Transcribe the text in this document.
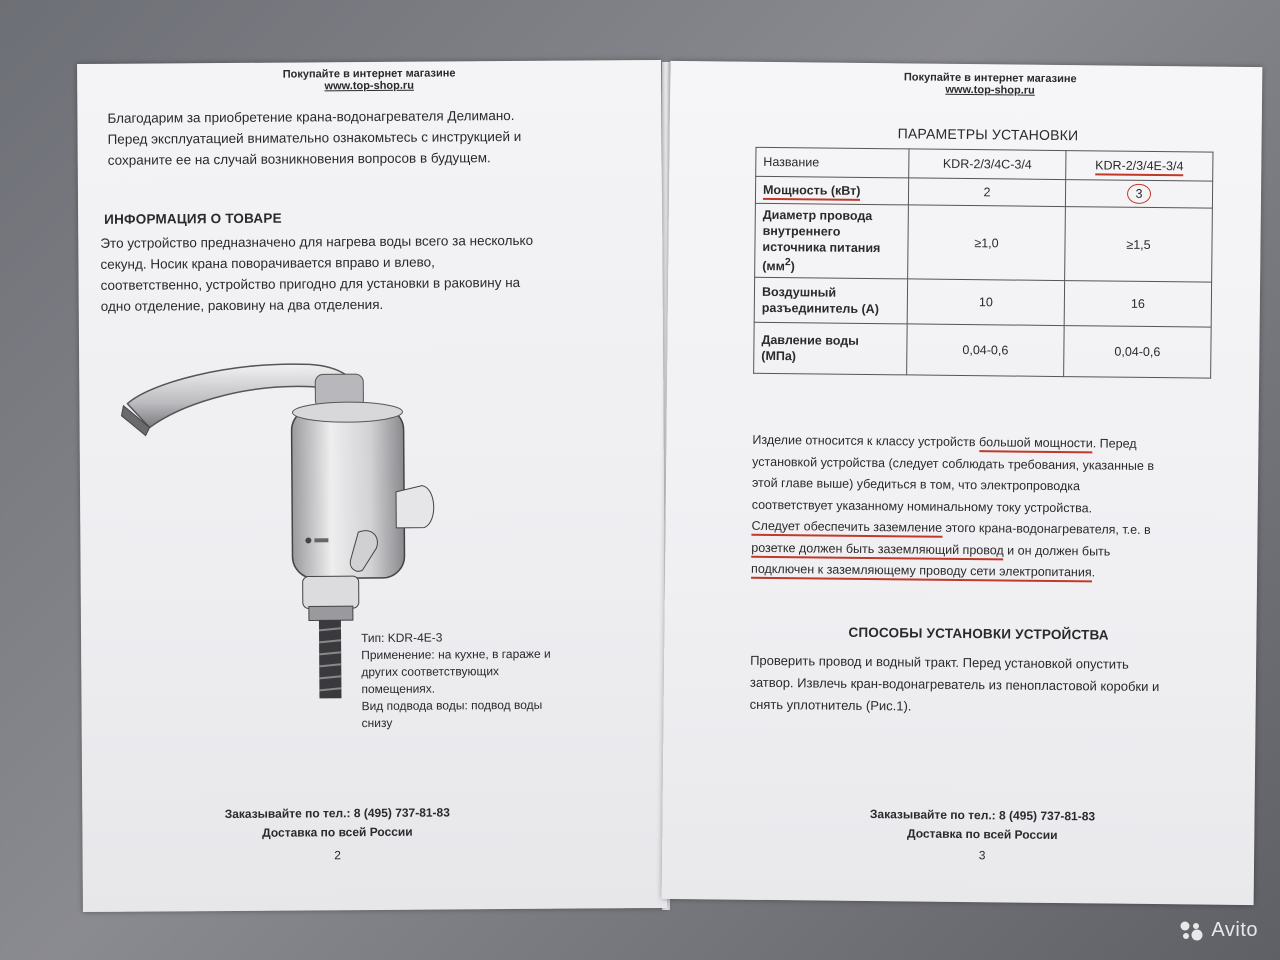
Покупайте в интернет магазине
www.top-shop.ru
Благодарим за приобретение крана-водонагревателя Делимано.
Перед эксплуатацией внимательно ознакомьтесь с инструкцией и
сохраните ее на случай возникновения вопросов в будущем.
ИНФОРМАЦИЯ О ТОВАРЕ
Это устройство предназначено для нагрева воды всего за несколько
секунд. Носик крана поворачивается вправо и влево,
соответственно, устройство пригодно для установки в раковину на
одно отделение, раковину на два отделения.
Тип: KDR-4E-3
Применение: на кухне, в гараже и
других соответствующих
помещениях.
Вид подвода воды: подвод воды
снизу
Заказывайте по тел.: 8 (495) 737-81-83
Доставка по всей России
2
Покупайте в интернет магазине
www.top-shop.ru
ПАРАМЕТРЫ УСТАНОВКИ
Название	KDR-2/3/4C-3/4	KDR-2/3/4E-3/4
Мощность (кВт)	2	3

Диаметр провода
внутреннего
источника питания
$(мм^2)$	≥1,0	≥1,5

Воздушный
разъединитель (А)	10	16

Давление воды
(МПа)	0,04-0,6	0,04-0,6
Изделие относится к классу устройств большой мощности. Перед
установкой устройства (следует соблюдать требования, указанные в
этой главе выше) убедиться в том, что электропроводка
соответствует указанному номинальному току устройства.
Следует обеспечить заземление этого крана-водонагревателя, т.е. в
розетке должен быть заземляющий провод и он должен быть
подключен к заземляющему проводу сети электропитания.
СПОСОБЫ УСТАНОВКИ УСТРОЙСТВА
Проверить провод и водный тракт. Перед установкой опустить
затвор. Извлечь кран-водонагреватель из пенопластовой коробки и
снять уплотнитель (Рис.1).
Заказывайте по тел.: 8 (495) 737-81-83
Доставка по всей России
3
Avito
